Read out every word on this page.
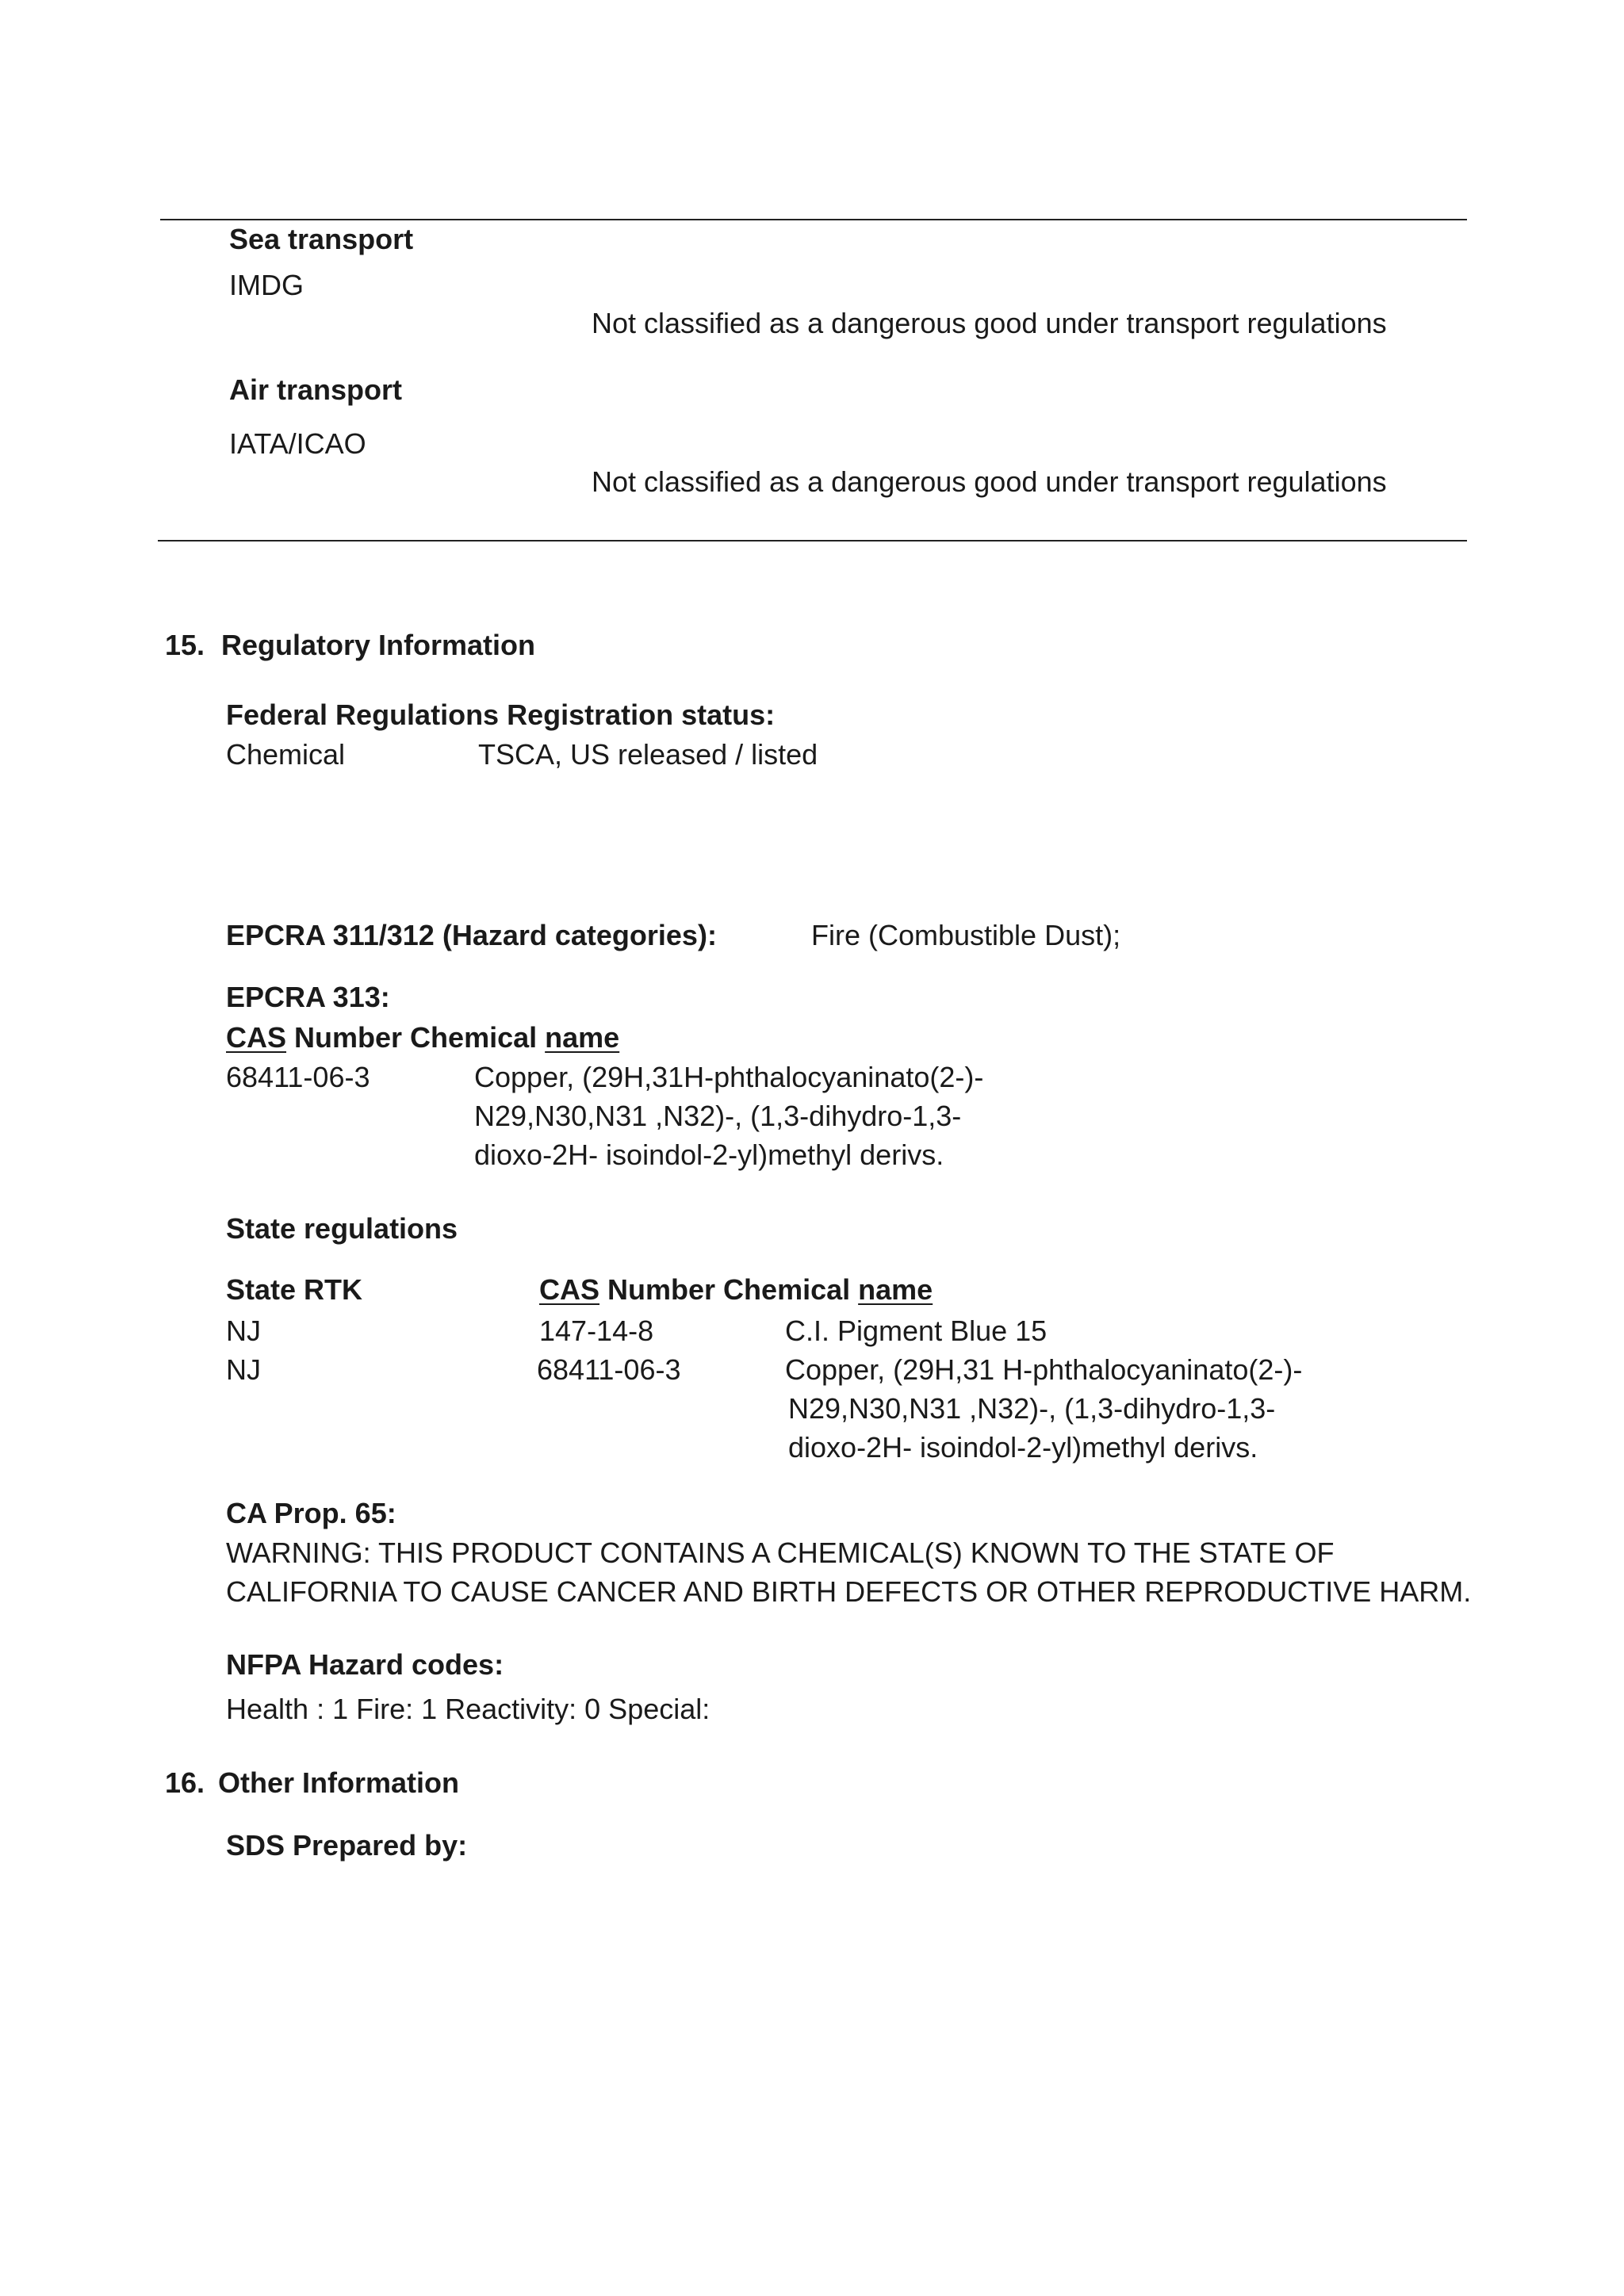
Sea transport
IMDG
Not classified as a dangerous good under transport regulations
Air transport
IATA/ICAO
Not classified as a dangerous good under transport regulations
15. Regulatory Information
Federal Regulations Registration status:
Chemical	TSCA, US released / listed
EPCRA 311/312 (Hazard categories):	Fire (Combustible Dust);
EPCRA 313:
CAS Number Chemical name
68411-06-3	Copper, (29H,31H-phthalocyaninato(2-)-
N29,N30,N31 ,N32)-, (1,3-dihydro-1,3-
dioxo-2H- isoindol-2-yl)methyl derivs.
State regulations
State RTK	CAS Number Chemical name
NJ	147-14-8	C.I. Pigment Blue 15
NJ	68411-06-3	Copper, (29H,31 H-phthalocyaninato(2-)-
N29,N30,N31 ,N32)-, (1,3-dihydro-1,3-
dioxo-2H- isoindol-2-yl)methyl derivs.
CA Prop. 65:
WARNING: THIS PRODUCT CONTAINS A CHEMICAL(S) KNOWN TO THE STATE OF
CALIFORNIA TO CAUSE CANCER AND BIRTH DEFECTS OR OTHER REPRODUCTIVE HARM.
NFPA Hazard codes:
Health : 1 Fire: 1 Reactivity: 0 Special:
16. Other Information
SDS Prepared by:
